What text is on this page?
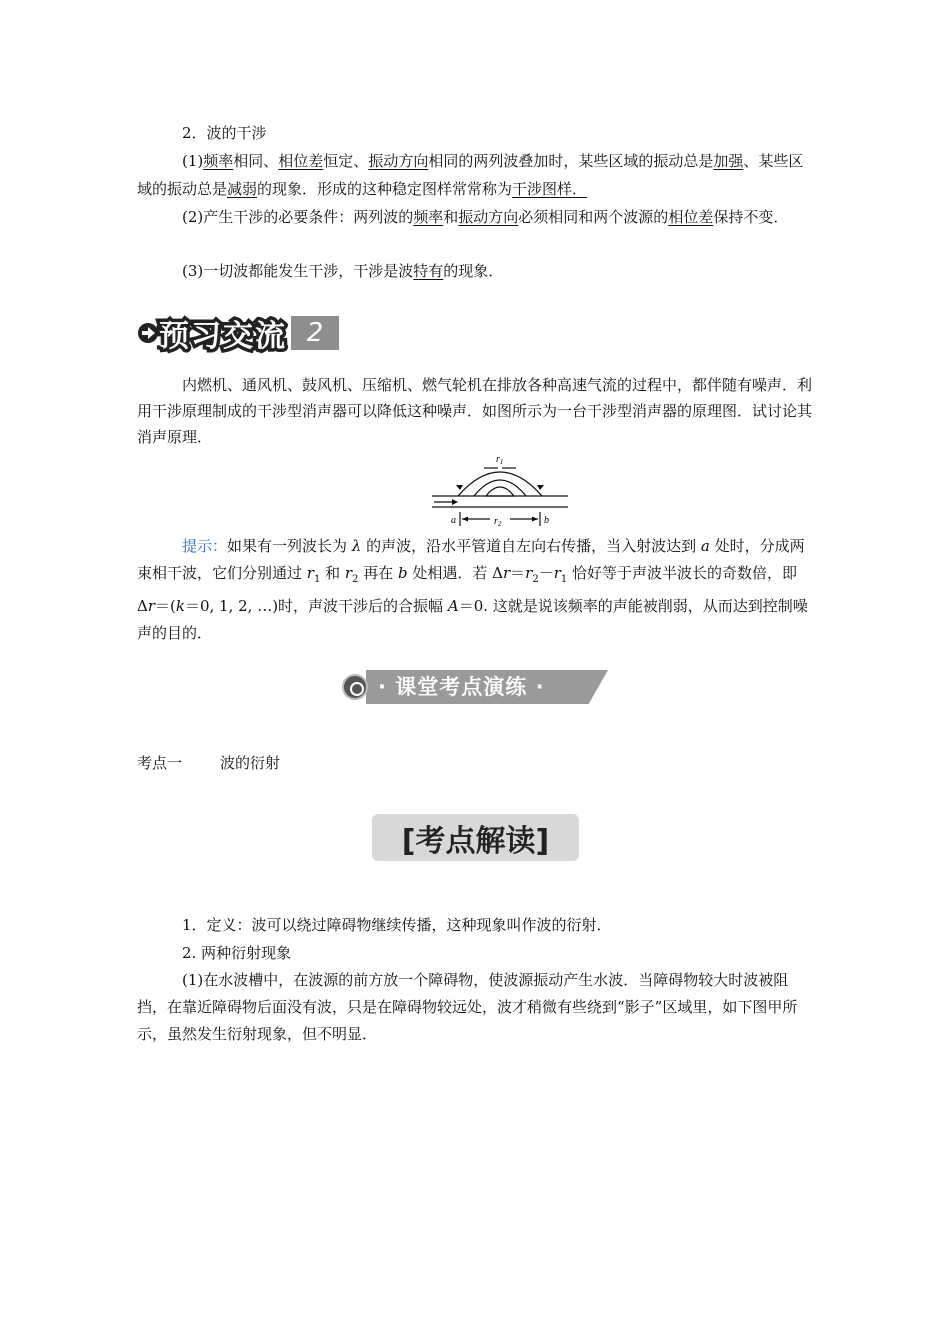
2．波的干涉
(1)频率相同、相位差恒定、振动方向相同的两列波叠加时，某些区域的振动总是加强、某些区域的振动总是减弱的现象．形成的这种稳定图样常常称为干涉图样．
(2)产生干涉的必要条件：两列波的频率和振动方向必须相同和两个波源的相位差保持不变．
(3)一切波都能发生干涉，干涉是波特有的现象．
预 习 交 流 2
内燃机、通风机、鼓风机、压缩机、燃气轮机在排放各种高速气流的过程中，都伴随有噪声．利用干涉原理制成的干涉型消声器可以降低这种噪声．如图所示为一台干涉型消声器的原理图．试讨论其消声原理．
$r_1$
$r_2$
a	b
提示：如果有一列波长为 λ 的声波，沿水平管道自左向右传播，当入射波达到 a 处时，分成两束相干波，它们分别通过 $r_1$ 和 $r_2$ 再在 b 处相遇．若 $\Delta r=r_2-r_1$ 恰好等于声波半波长的奇数倍，即 Δr＝(k＝0, 1, 2, …)时，声波干涉后的合振幅 A＝0. 这就是说该频率的声能被削弱，从而达到控制噪声的目的．
· 课堂考点演练 ·
考点一	波的衍射
[考点解读]
1．定义：波可以绕过障碍物继续传播，这种现象叫作波的衍射．
2. 两种衍射现象
(1)在水波槽中，在波源的前方放一个障碍物，使波源振动产生水波．当障碍物较大时波被阻挡，在靠近障碍物后面没有波，只是在障碍物较远处，波才稍微有些绕到“影子”区域里，如下图甲所示，虽然发生衍射现象，但不明显．
